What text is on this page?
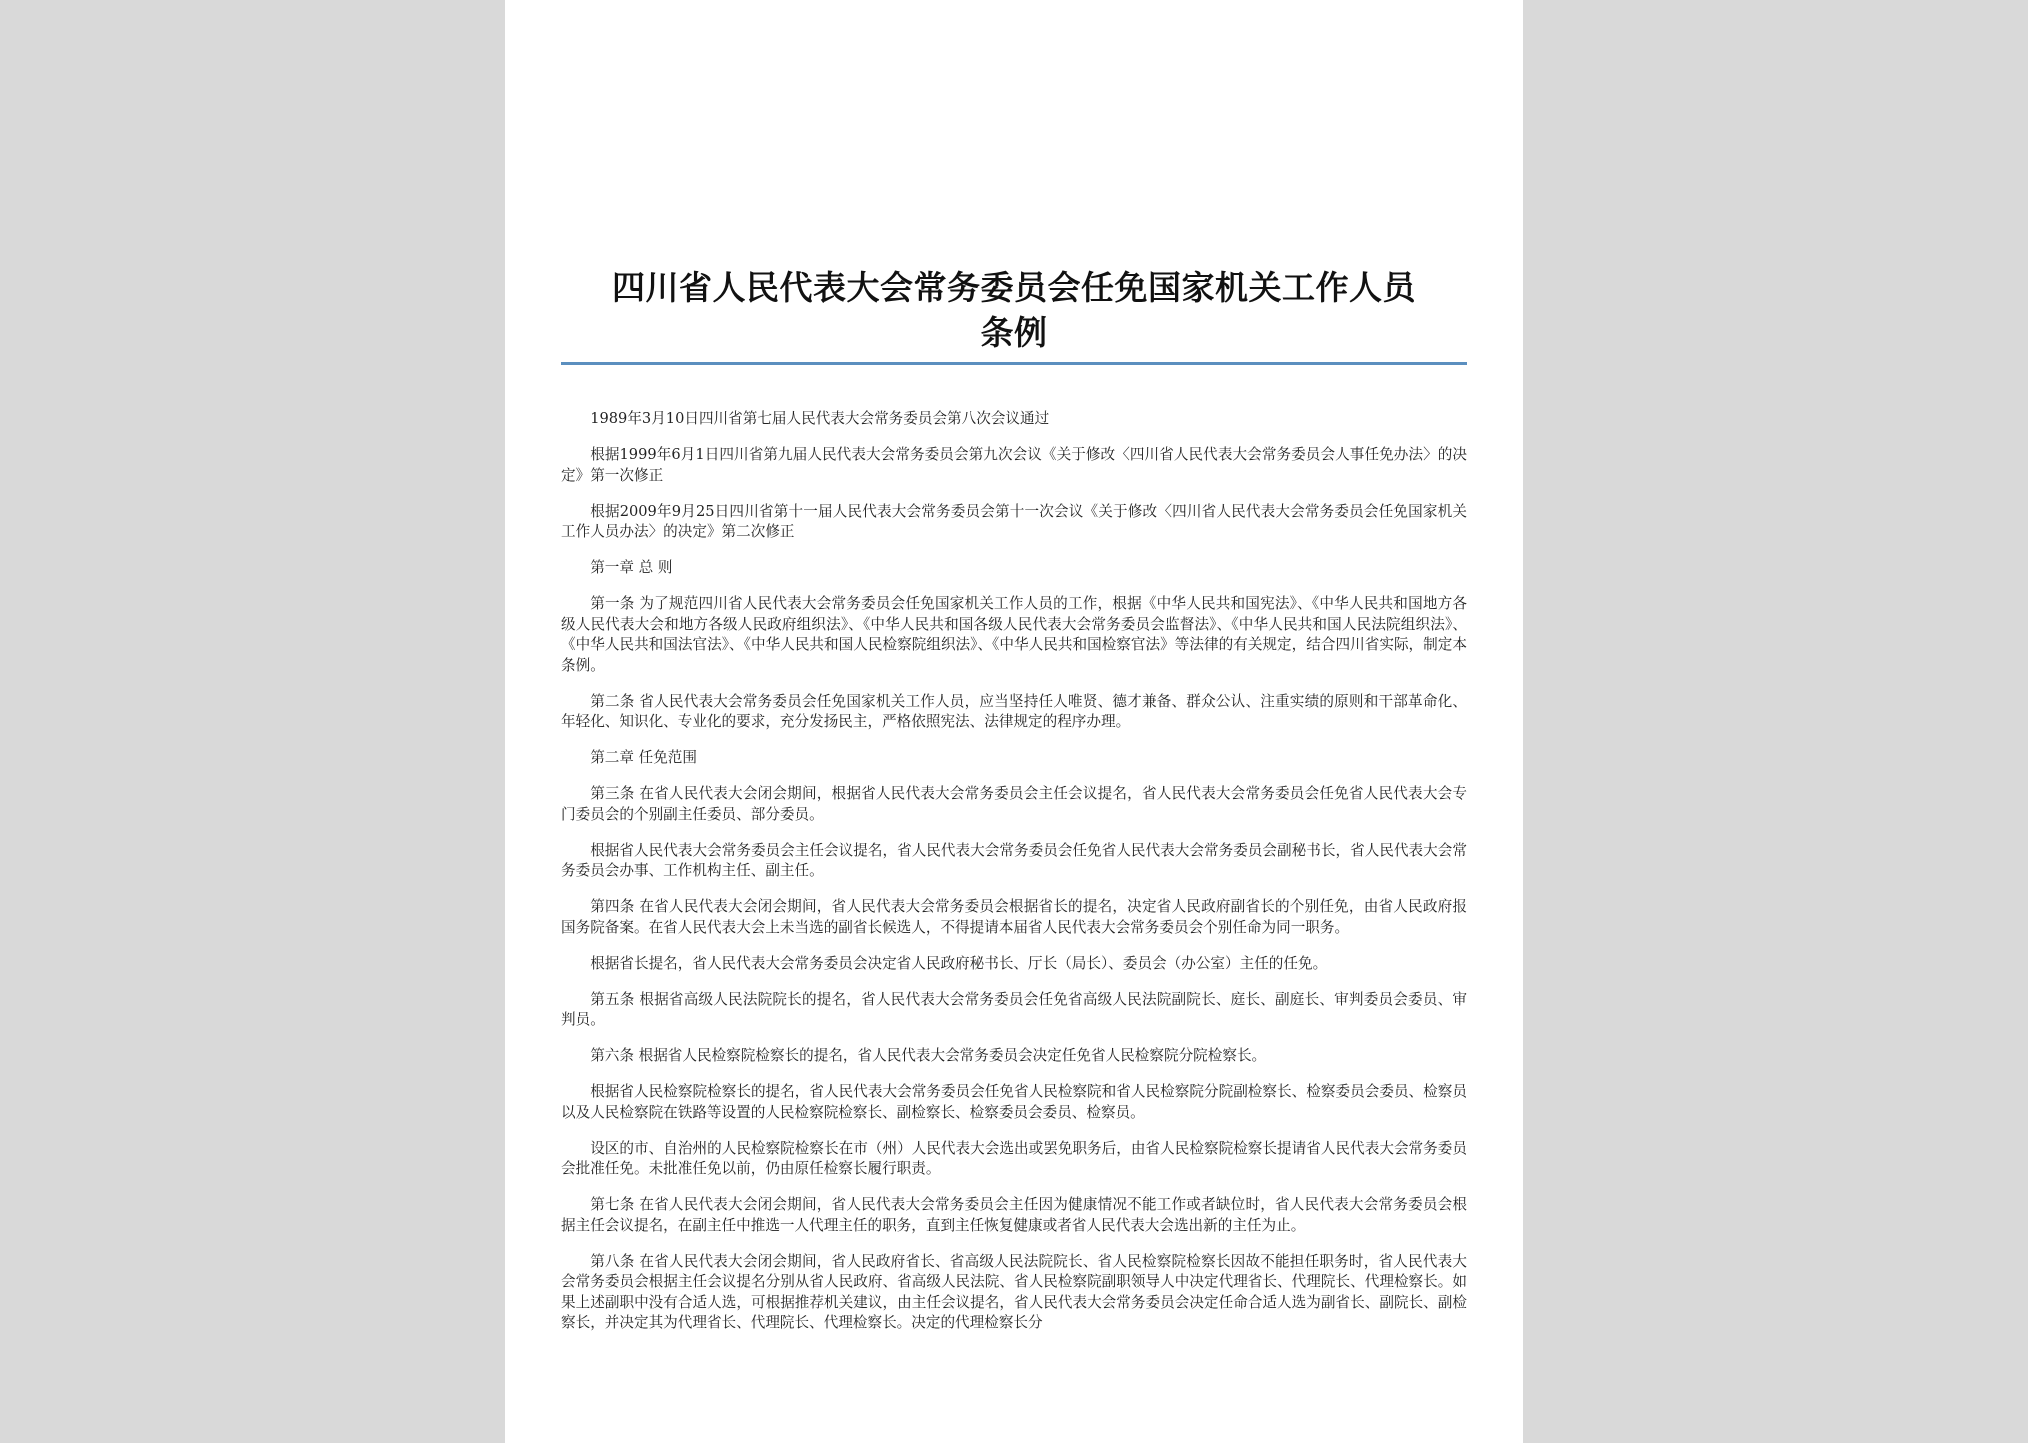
四川省人民代表大会常务委员会任免国家机关工作人员
条例

1989年3月10日四川省第七届人民代表大会常务委员会第八次会议通过

根据1999年6月1日四川省第九届人民代表大会常务委员会第九次会议《关于修改〈四川省人民代表大会常务委员会人事任免办法〉的决定》第一次修正

根据2009年9月25日四川省第十一届人民代表大会常务委员会第十一次会议《关于修改〈四川省人民代表大会常务委员会任免国家机关工作人员办法〉的决定》第二次修正

第一章 总 则

第一条 为了规范四川省人民代表大会常务委员会任免国家机关工作人员的工作，根据《中华人民共和国宪法》、《中华人民共和国地方各级人民代表大会和地方各级人民政府组织法》、《中华人民共和国各级人民代表大会常务委员会监督法》、《中华人民共和国人民法院组织法》、《中华人民共和国法官法》、《中华人民共和国人民检察院组织法》、《中华人民共和国检察官法》等法律的有关规定，结合四川省实际，制定本条例。

第二条 省人民代表大会常务委员会任免国家机关工作人员，应当坚持任人唯贤、德才兼备、群众公认、注重实绩的原则和干部革命化、年轻化、知识化、专业化的要求，充分发扬民主，严格依照宪法、法律规定的程序办理。

第二章 任免范围

第三条 在省人民代表大会闭会期间，根据省人民代表大会常务委员会主任会议提名，省人民代表大会常务委员会任免省人民代表大会专门委员会的个别副主任委员、部分委员。

根据省人民代表大会常务委员会主任会议提名，省人民代表大会常务委员会任免省人民代表大会常务委员会副秘书长，省人民代表大会常务委员会办事、工作机构主任、副主任。

第四条 在省人民代表大会闭会期间，省人民代表大会常务委员会根据省长的提名，决定省人民政府副省长的个别任免，由省人民政府报国务院备案。在省人民代表大会上未当选的副省长候选人，不得提请本届省人民代表大会常务委员会个别任命为同一职务。

根据省长提名，省人民代表大会常务委员会决定省人民政府秘书长、厅长（局长）、委员会（办公室）主任的任免。

第五条 根据省高级人民法院院长的提名，省人民代表大会常务委员会任免省高级人民法院副院长、庭长、副庭长、审判委员会委员、审判员。

第六条 根据省人民检察院检察长的提名，省人民代表大会常务委员会决定任免省人民检察院分院检察长。

根据省人民检察院检察长的提名，省人民代表大会常务委员会任免省人民检察院和省人民检察院分院副检察长、检察委员会委员、检察员以及人民检察院在铁路等设置的人民检察院检察长、副检察长、检察委员会委员、检察员。

设区的市、自治州的人民检察院检察长在市（州）人民代表大会选出或罢免职务后，由省人民检察院检察长提请省人民代表大会常务委员会批准任免。未批准任免以前，仍由原任检察长履行职责。

第七条 在省人民代表大会闭会期间，省人民代表大会常务委员会主任因为健康情况不能工作或者缺位时，省人民代表大会常务委员会根据主任会议提名，在副主任中推选一人代理主任的职务，直到主任恢复健康或者省人民代表大会选出新的主任为止。

第八条 在省人民代表大会闭会期间，省人民政府省长、省高级人民法院院长、省人民检察院检察长因故不能担任职务时，省人民代表大会常务委员会根据主任会议提名分别从省人民政府、省高级人民法院、省人民检察院副职领导人中决定代理省长、代理院长、代理检察长。如果上述副职中没有合适人选，可根据推荐机关建议，由主任会议提名，省人民代表大会常务委员会决定任命合适人选为副省长、副院长、副检察长，并决定其为代理省长、代理院长、代理检察长。决定的代理检察长分
